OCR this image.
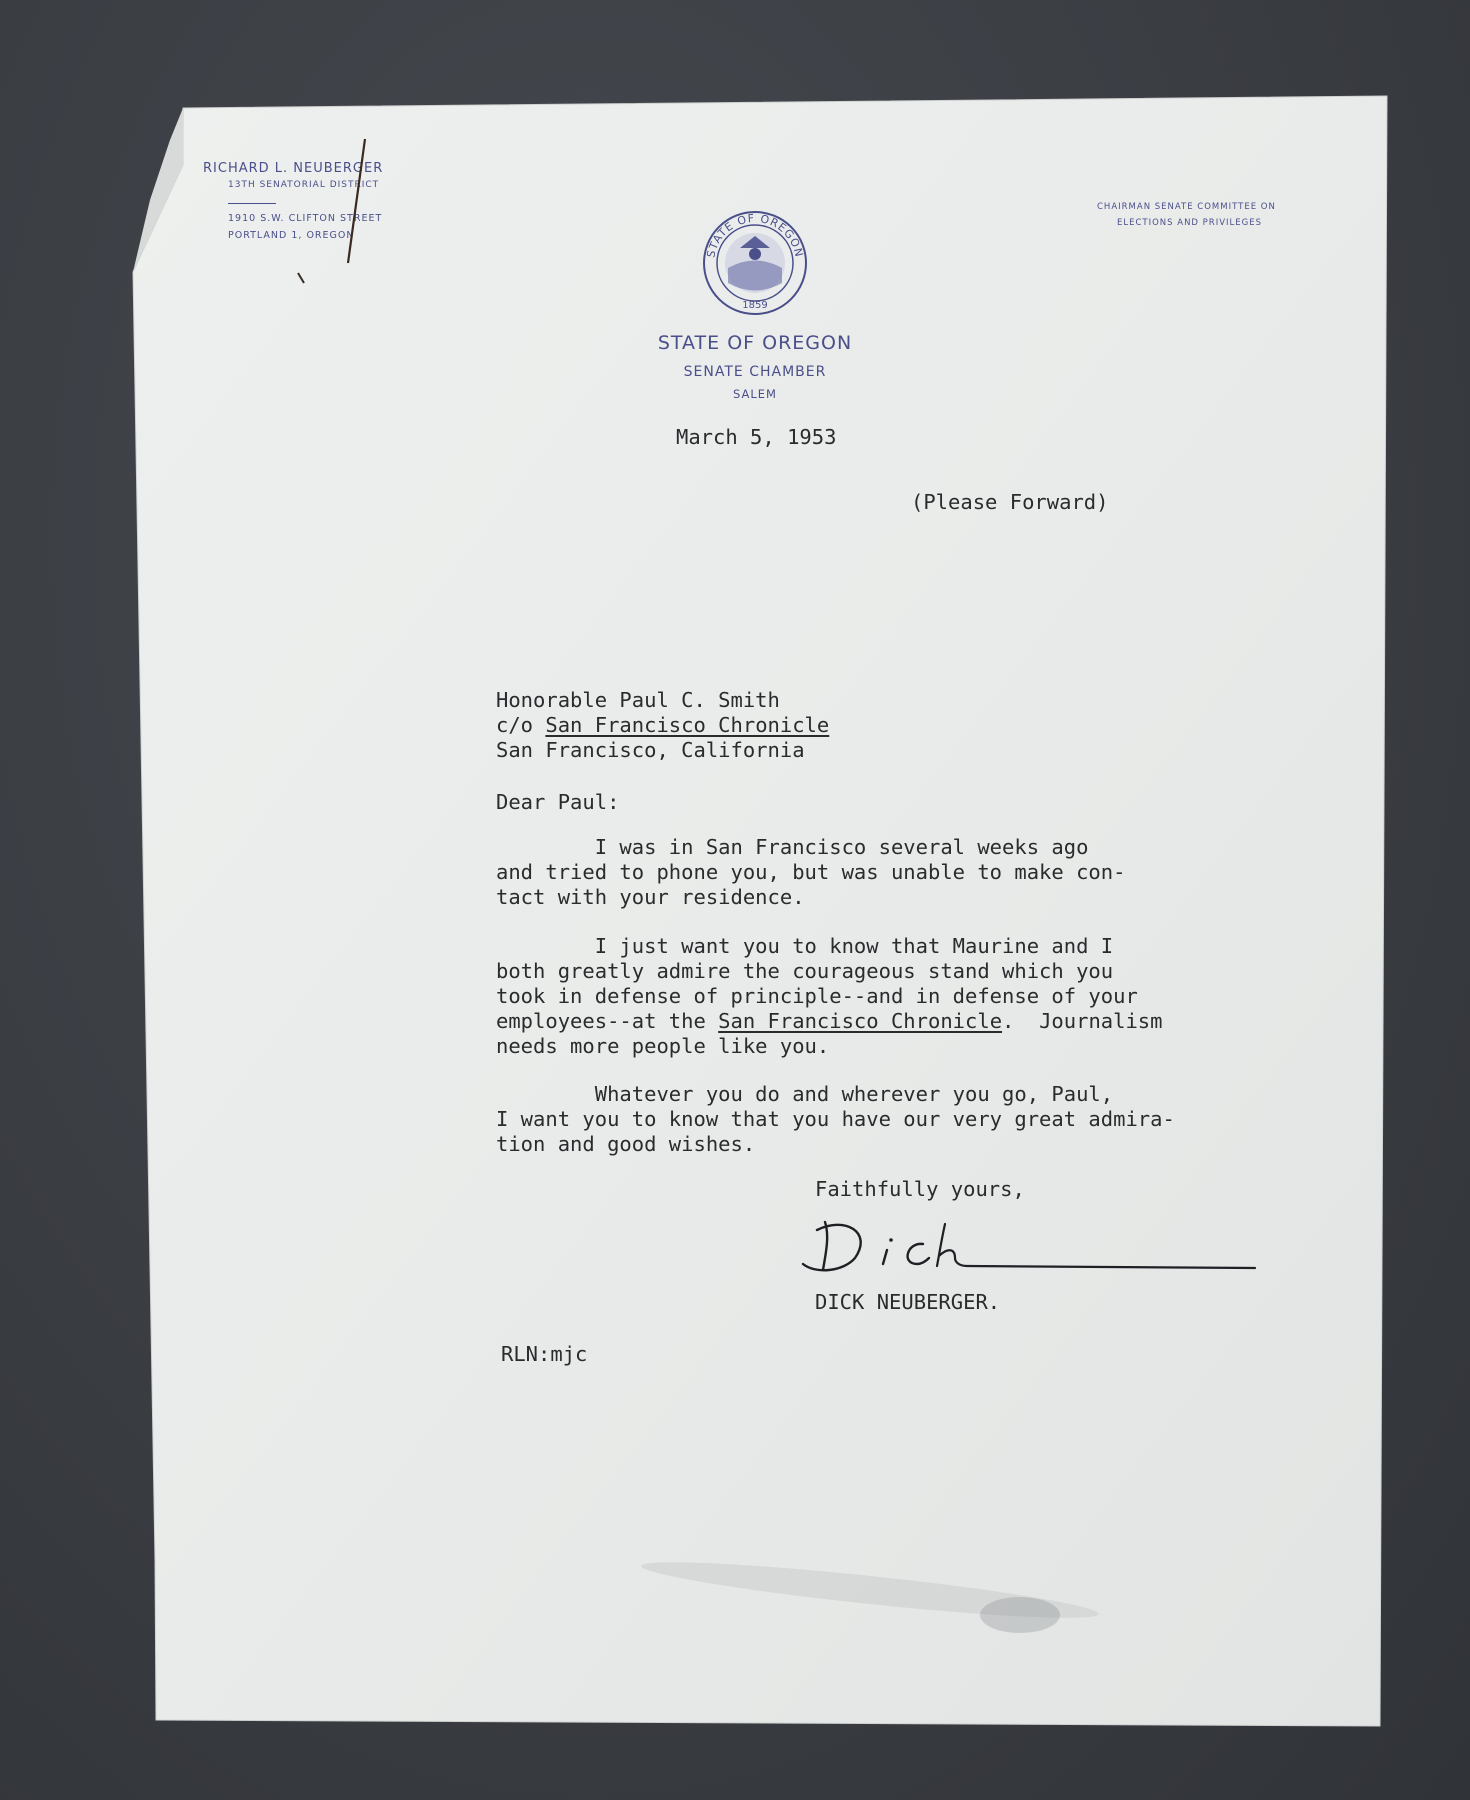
RICHARD L. NEUBERGER
13TH SENATORIAL DISTRICT
1910 S.W. CLIFTON STREET
PORTLAND 1, OREGON
CHAIRMAN SENATE COMMITTEE ON
ELECTIONS AND PRIVILEGES
STATE OF OREGON
1859
STATE OF OREGON
SENATE CHAMBER
SALEM
March 5, 1953
(Please Forward)
Honorable Paul C. Smith
c/o San Francisco Chronicle
San Francisco, California
Dear Paul:
I was in San Francisco several weeks ago
and tried to phone you, but was unable to make con-
tact with your residence.
I just want you to know that Maurine and I
both greatly admire the courageous stand which you
took in defense of principle--and in defense of your
employees--at the San Francisco Chronicle.  Journalism
needs more people like you.
Whatever you do and wherever you go, Paul,
I want you to know that you have our very great admira-
tion and good wishes.
Faithfully yours,
DICK NEUBERGER.
RLN:mjc
